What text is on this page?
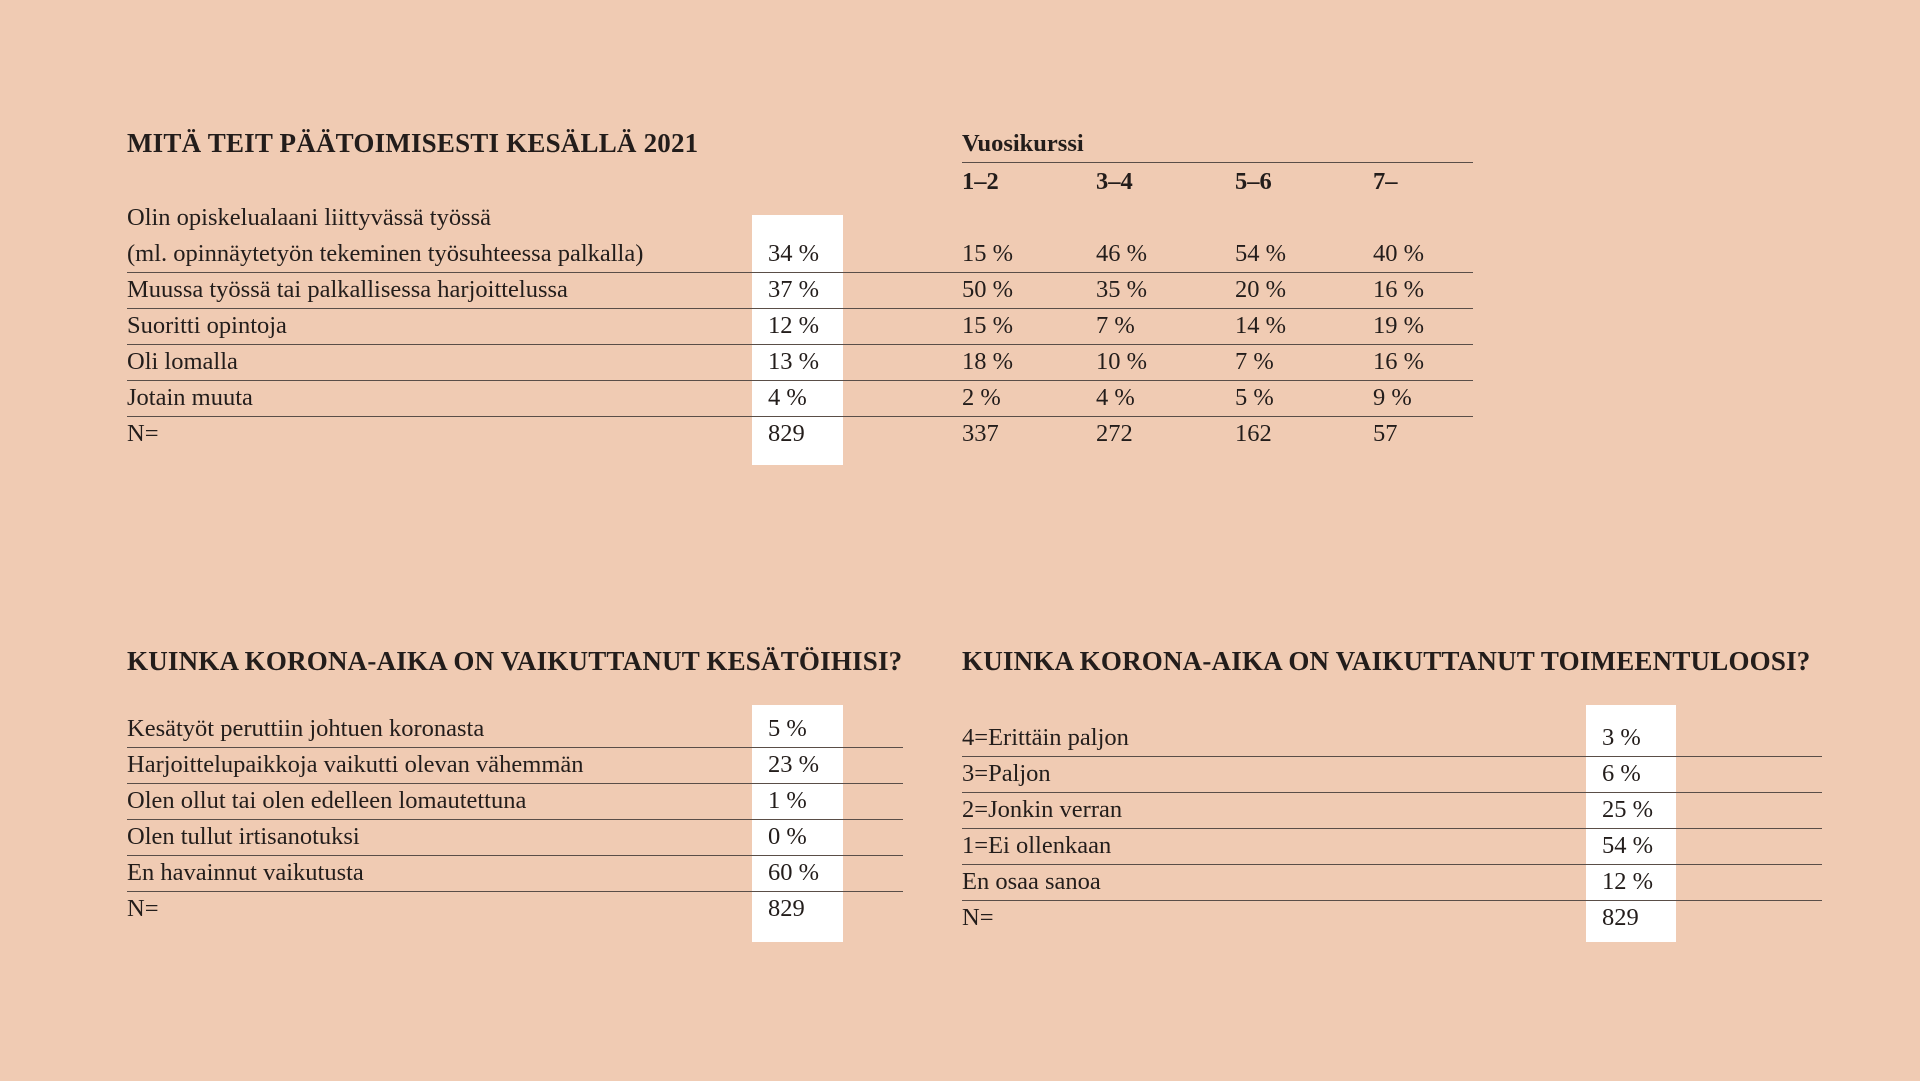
MITÄ TEIT PÄÄTOIMISESTI KESÄLLÄ 2021	Vuosikurssi
1–2	3–4	5–6	7–
Olin opiskelualaani liittyvässä työssä
(ml. opinnäytetyön tekeminen työsuhteessa palkalla)	34 %	15 %	46 %	54 %	40 %
Muussa työssä tai palkallisessa harjoittelussa	37 %	50 %	35 %	20 %	16 %
Suoritti opintoja	12 %	15 %	7 %	14 %	19 %
Oli lomalla	13 %	18 %	10 %	7 %	16 %
Jotain muuta	4 %	2 %	4 %	5 %	9 %
N=	829	337	272	162	57
KUINKA KORONA-AIKA ON VAIKUTTANUT KESÄTÖIHISI?
Kesätyöt peruttiin johtuen koronasta	5 %
Harjoittelupaikkoja vaikutti olevan vähemmän	23 %
Olen ollut tai olen edelleen lomautettuna	1 %
Olen tullut irtisanotuksi	0 %
En havainnut vaikutusta	60 %
N=	829
KUINKA KORONA-AIKA ON VAIKUTTANUT TOIMEENTULOOSI?
4=Erittäin paljon	3 %
3=Paljon	6 %
2=Jonkin verran	25 %
1=Ei ollenkaan	54 %
En osaa sanoa	12 %
N=	829
